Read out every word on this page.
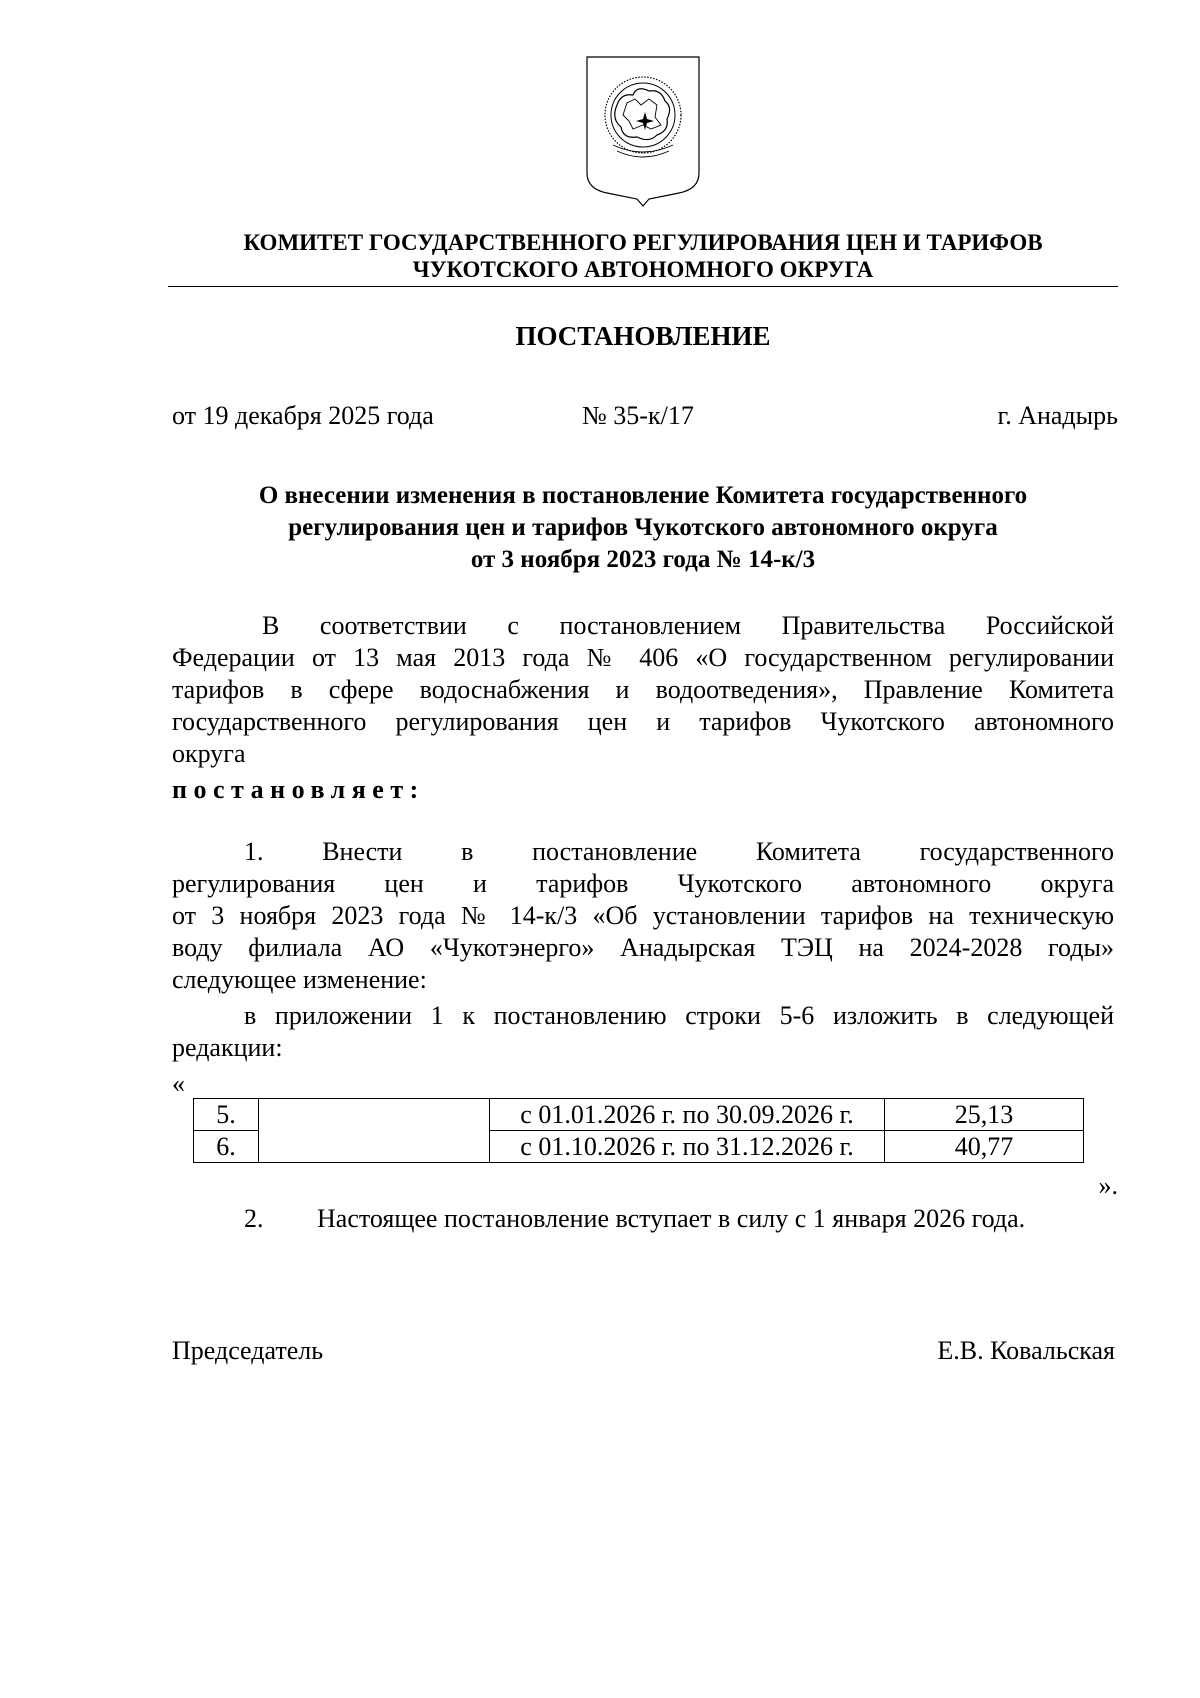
КОМИТЕТ ГОСУДАРСТВЕННОГО РЕГУЛИРОВАНИЯ ЦЕН И ТАРИФОВ
ЧУКОТСКОГО АВТОНОМНОГО ОКРУГА
ПОСТАНОВЛЕНИЕ
от 19 декабря 2025 года	№ 35-к/17	г. Анадырь
О внесении изменения в постановление Комитета государственного
регулирования цен и тарифов Чукотского автономного округа
от 3 ноября 2023 года № 14-к/3
В соответствии с постановлением Правительства Российской
Федерации от 13 мая 2013 года № 406 «О государственном регулировании
тарифов в сфере водоснабжения и водоотведения», Правление Комитета
государственного регулирования цен и тарифов Чукотского автономного
округа
постановляет:
1. Внести в постановление Комитета государственного
регулирования цен и тарифов Чукотского автономного округа
от 3 ноября 2023 года № 14-к/3 «Об установлении тарифов на техническую
воду филиала АО «Чукотэнерго» Анадырская ТЭЦ на 2024-2028 годы»
следующее изменение:
в приложении 1 к постановлению строки 5-6 изложить в следующей
редакции:
«
5.		с 01.01.2026 г. по 30.09.2026 г.	25,13
6.		с 01.10.2026 г. по 31.12.2026 г.	40,77
».
2. Настоящее постановление вступает в силу с 1 января 2026 года.
Председатель	Е.В. Ковальская
